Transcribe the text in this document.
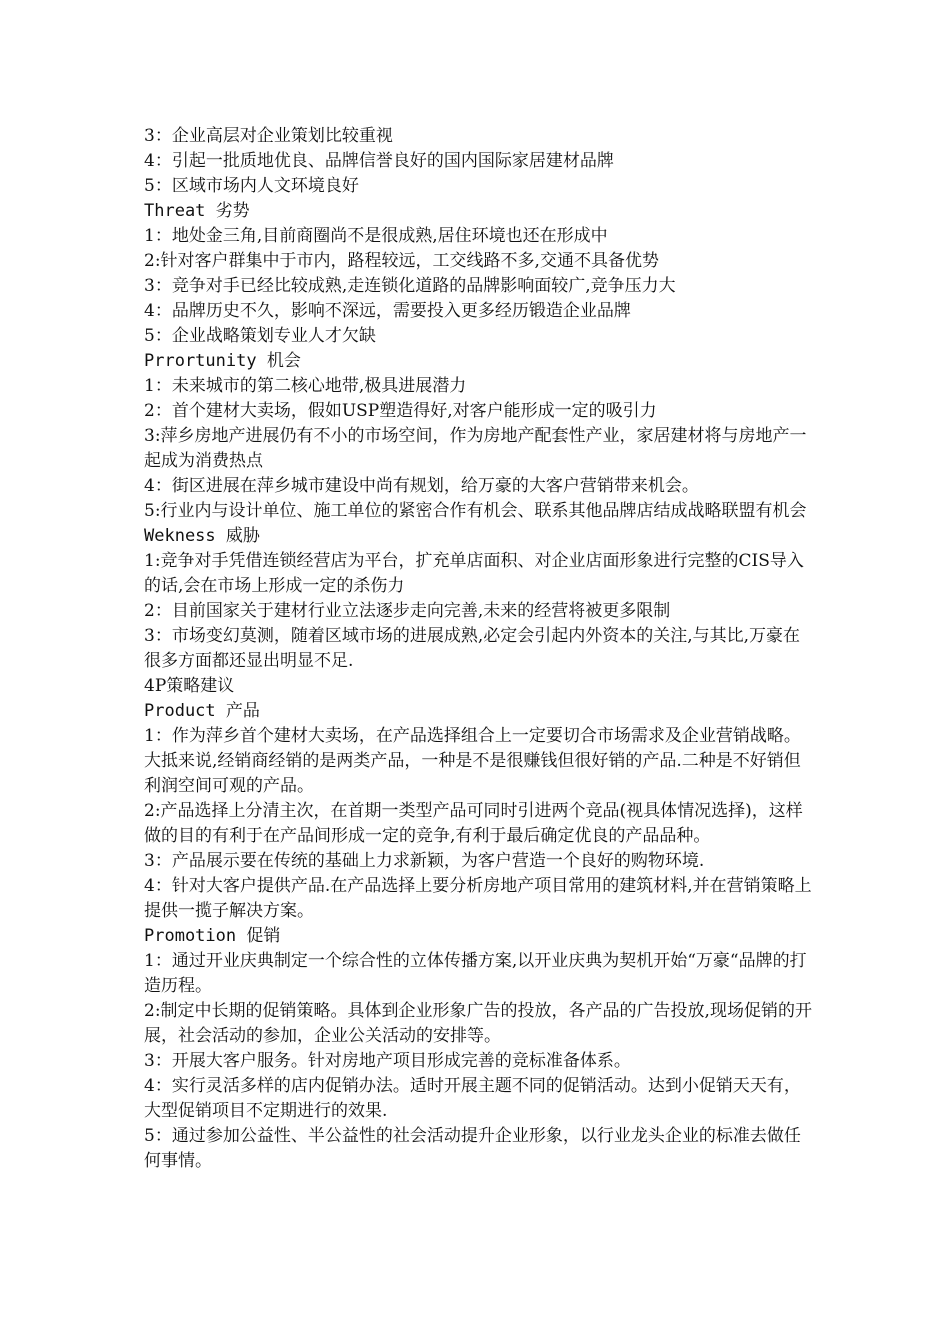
3：企业高层对企业策划比较重视

4：引起一批质地优良、品牌信誉良好的国内国际家居建材品牌

5：区域市场内人文环境良好

Threat 劣势

1：地处金三角,目前商圈尚不是很成熟,居住环境也还在形成中

2:针对客户群集中于市内，路程较远，工交线路不多,交通不具备优势

3：竞争对手已经比较成熟,走连锁化道路的品牌影响面较广,竞争压力大

4：品牌历史不久，影响不深远，需要投入更多经历锻造企业品牌

5：企业战略策划专业人才欠缺

Prrortunity 机会

1：未来城市的第二核心地带,极具进展潜力

2：首个建材大卖场，假如USP塑造得好,对客户能形成一定的吸引力

3:萍乡房地产进展仍有不小的市场空间，作为房地产配套性产业，家居建材将与房地产一起成为消费热点

4：街区进展在萍乡城市建设中尚有规划，给万豪的大客户营销带来机会。

5:行业内与设计单位、施工单位的紧密合作有机会、联系其他品牌店结成战略联盟有机会

Wekness 威胁

1:竞争对手凭借连锁经营店为平台，扩充单店面积、对企业店面形象进行完整的CIS导入的话,会在市场上形成一定的杀伤力

2：目前国家关于建材行业立法逐步走向完善,未来的经营将被更多限制

3：市场变幻莫测，随着区域市场的进展成熟,必定会引起内外资本的关注,与其比,万豪在很多方面都还显出明显不足.

4P策略建议

Product 产品

1：作为萍乡首个建材大卖场，在产品选择组合上一定要切合市场需求及企业营销战略。大抵来说,经销商经销的是两类产品，一种是不是很赚钱但很好销的产品.二种是不好销但利润空间可观的产品。

2:产品选择上分清主次，在首期一类型产品可同时引进两个竞品(视具体情况选择)，这样做的目的有利于在产品间形成一定的竞争,有利于最后确定优良的产品品种。

3：产品展示要在传统的基础上力求新颖，为客户营造一个良好的购物环境.

4：针对大客户提供产品.在产品选择上要分析房地产项目常用的建筑材料,并在营销策略上提供一揽子解决方案。

Promotion 促销

1：通过开业庆典制定一个综合性的立体传播方案,以开业庆典为契机开始“万豪“品牌的打造历程。

2:制定中长期的促销策略。具体到企业形象广告的投放，各产品的广告投放,现场促销的开展，社会活动的参加，企业公关活动的安排等。

3：开展大客户服务。针对房地产项目形成完善的竞标准备体系。

4：实行灵活多样的店内促销办法。适时开展主题不同的促销活动。达到小促销天天有，大型促销项目不定期进行的效果.

5：通过参加公益性、半公益性的社会活动提升企业形象，以行业龙头企业的标准去做任何事情。
